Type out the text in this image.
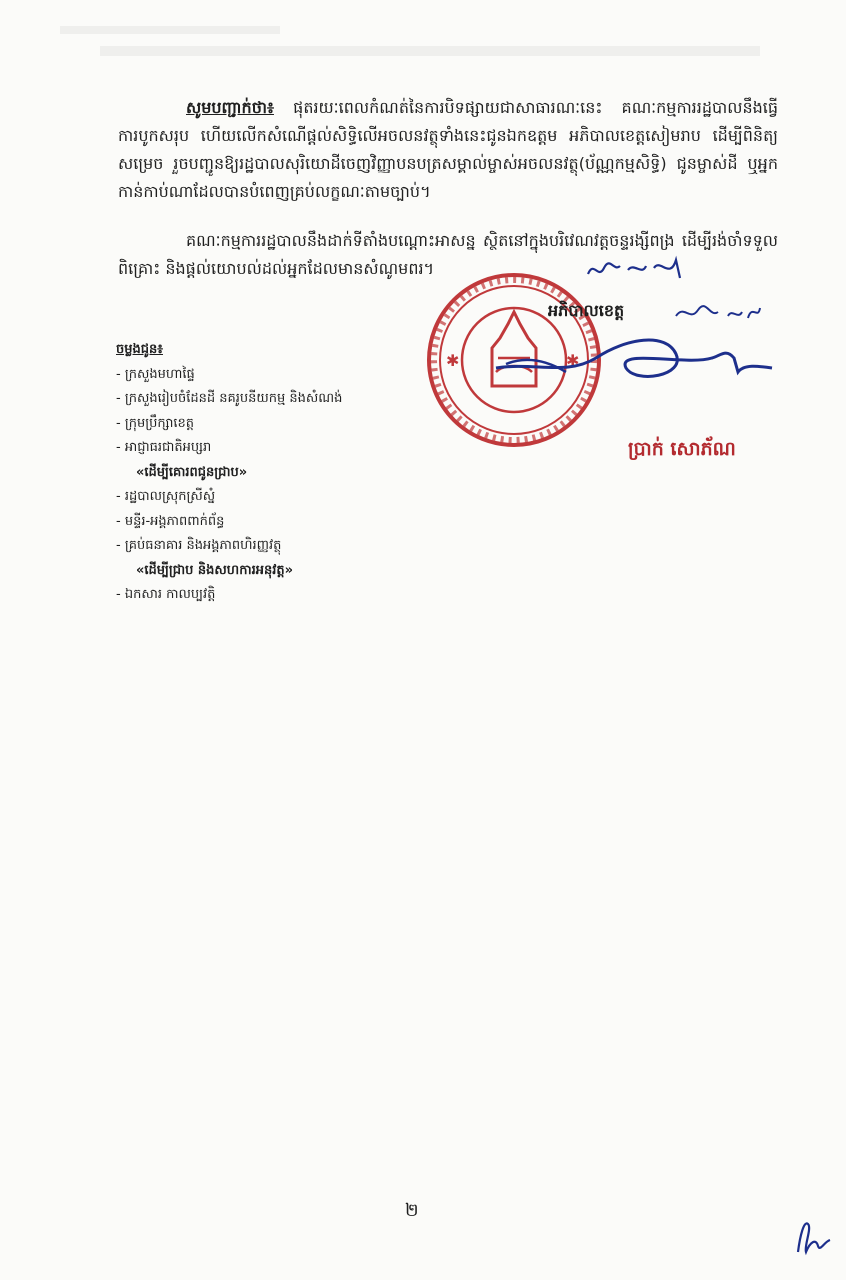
សូមបញ្ជាក់ថា៖ ផុតរយៈពេលកំណត់នៃការបិទផ្សាយជាសាធារណៈនេះ គណៈកម្មការរដ្ឋបាលនឹងធ្វើការបូកសរុប ហើយលើកសំណើផ្តល់សិទ្ធិលើអចលនវត្ថុទាំងនេះជូនឯកឧត្តម អភិបាលខេត្តសៀមរាប ដើម្បីពិនិត្យសម្រេច រួចបញ្ជូនឱ្យរដ្ឋបាលសុរិយោដីចេញវិញ្ញាបនបត្រសម្គាល់ម្ចាស់អចលនវត្ថុ(ប័ណ្ណកម្មសិទ្ធិ) ជូនម្ចាស់ដី ឬអ្នកកាន់កាប់ណាដែលបានបំពេញគ្រប់លក្ខណៈតាមច្បាប់។
គណៈកម្មការរដ្ឋបាលនឹងដាក់ទីតាំងបណ្តោះអាសន្ន ស្ថិតនៅក្នុងបរិវេណវត្តចន្ទរង្សីពង្រ ដើម្បីរង់ចាំទទួលពិគ្រោះ និងផ្តល់យោបល់ដល់អ្នកដែលមានសំណូមពរ។
✱	✱
អភិបាលខេត្ត
ប្រាក់ សោភ័ណ
ចម្លងជូន៖
- ក្រសួងមហាផ្ទៃ
- ក្រសួងរៀបចំដែនដី នគរូបនីយកម្ម និងសំណង់
- ក្រុមប្រឹក្សាខេត្ត
- អាជ្ញាធរជាតិអប្សរា
«ដើម្បីគោរពជូនជ្រាប»
- រដ្ឋបាលស្រុកស្រីស្នំ
- មន្ទីរ-អង្គភាពពាក់ព័ន្ធ
- គ្រប់ធនាគារ និងអង្គភាពហិរញ្ញវត្ថុ
«ដើម្បីជ្រាប និងសហការអនុវត្ត»
- ឯកសារ កាលប្បវត្តិ
២
